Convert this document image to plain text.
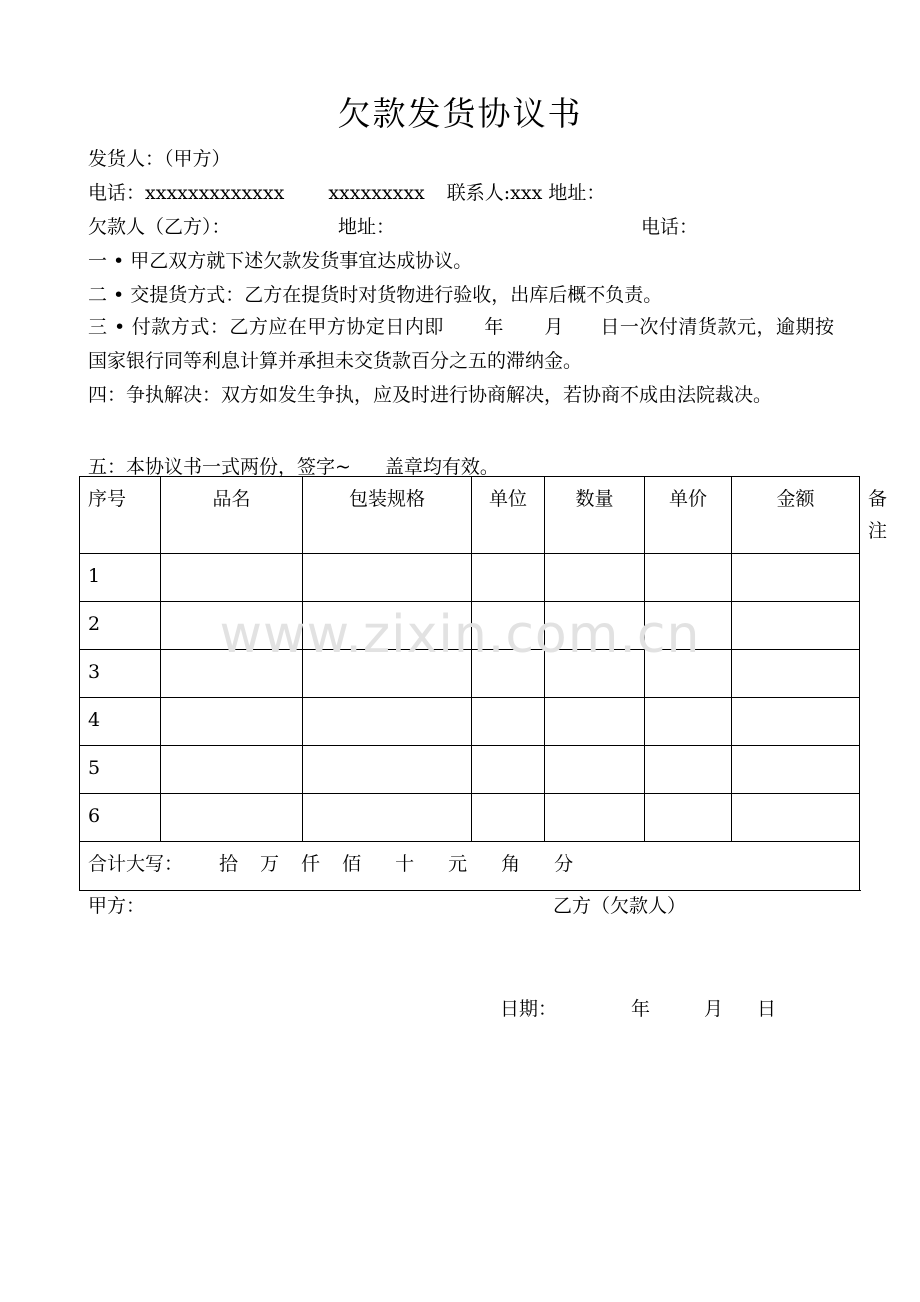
欠款发货协议书
发货人：（甲方）
电话：xxxxxxxxxxxxx xxxxxxxxx 联系人:xxx 地址：
欠款人（乙方）：	地址：	电话：
一 • 甲乙双方就下述欠款发货事宜达成协议。
二 • 交提货方式：乙方在提货时对货物进行验收，出库后概不负责。
三 • 付款方式：乙方应在甲方协定日内即 年 月 日一次付清货款元，逾期按国家银行同等利息计算并承担未交货款百分之五的滞纳金。
四：争执解决：双方如发生争执，应及时进行协商解决，若协商不成由法院裁决。
五：本协议书一式两份，签字~ 盖章均有效。
序号	品名	包装规格	单位	数量	单价	金额	备注
1							
2							
3							
4							
5							
6							
合计大写： 拾 万 仟 佰 十 元 角 分							
www.zixin.com.cn
甲方：	乙方（欠款人）
日期：	年	月 日
